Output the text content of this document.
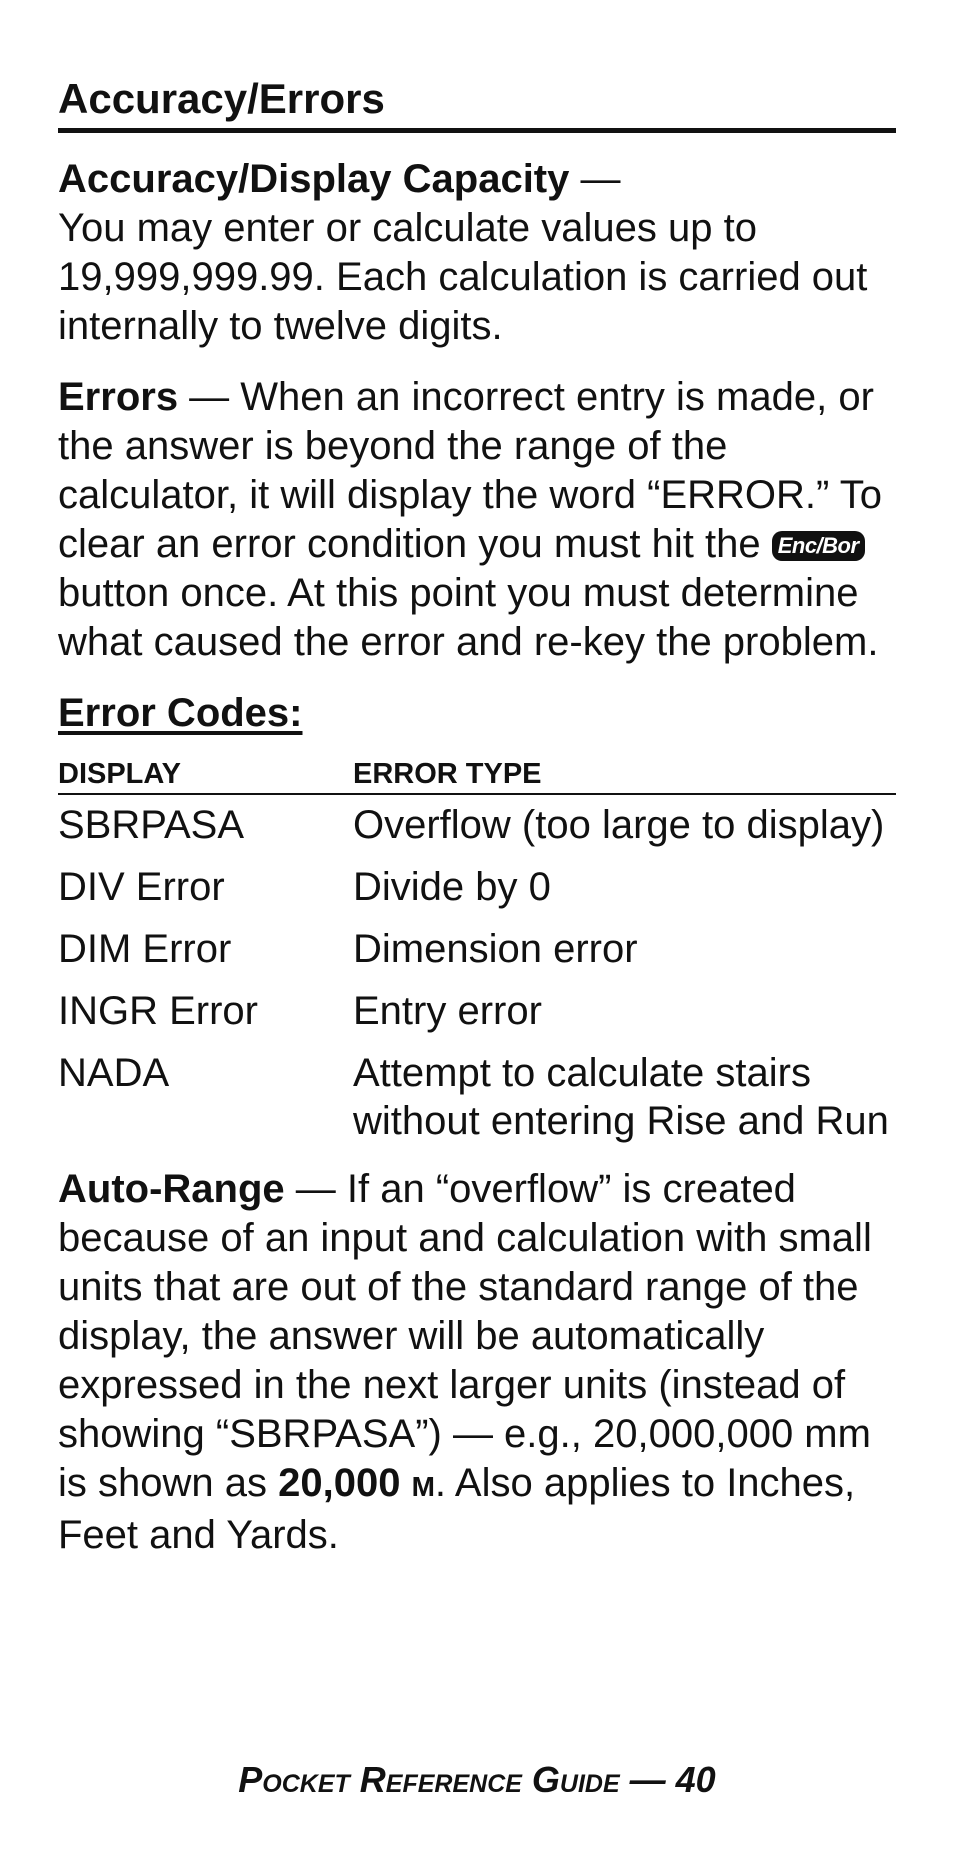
Accuracy/Errors

Accuracy/Display Capacity —
You may enter or calculate values up to 19,999,999.99. Each calculation is carried out internally to twelve digits.

Errors — When an incorrect entry is made, or the answer is beyond the range of the calculator, it will display the word “ERROR.” To clear an error condition you must hit the Enc/Bor button once. At this point you must determine what caused the error and re-key the problem.

Error Codes:
DISPLAY	ERROR TYPE
SBRPASA	Overflow (too large to display)
DIV Error	Divide by 0
DIM Error	Dimension error
INGR Error	Entry error
NADA	Attempt to calculate stairs without entering Rise and Run

Auto-Range — If an “overflow” is created because of an input and calculation with small units that are out of the standard range of the display, the answer will be automatically expressed in the next larger units (instead of showing “SBRPASA”) — e.g., 20,000,000 mm is shown as 20,000 M. Also applies to Inches, Feet and Yards.

Pocket Reference Guide — 40
